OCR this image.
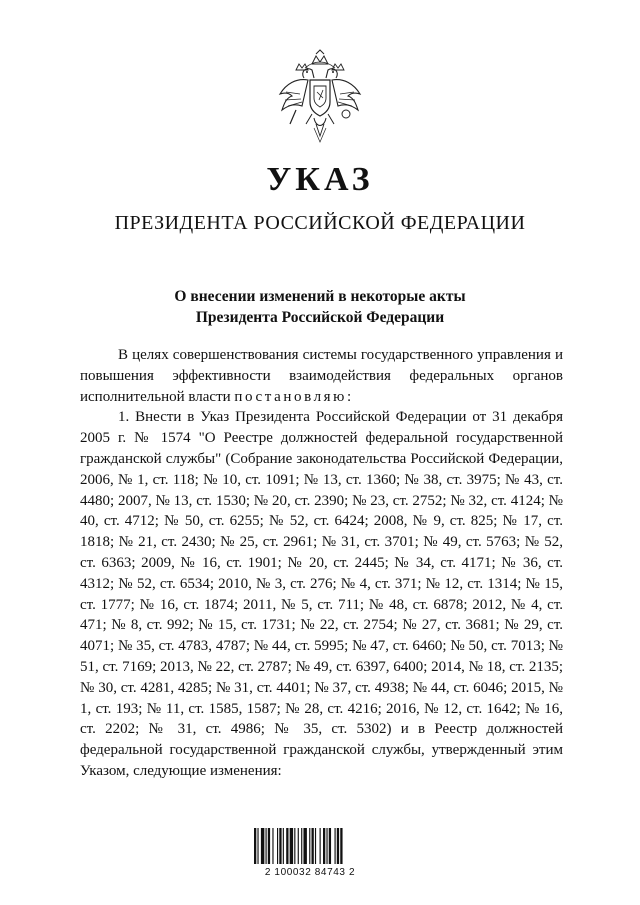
УКАЗ
ПРЕЗИДЕНТА РОССИЙСКОЙ ФЕДЕРАЦИИ
О внесении изменений в некоторые акты
Президента Российской Федерации

В целях совершенствования системы государственного управления и повышения эффективности взаимодействия федеральных органов исполнительной власти постановляю:

1. Внести в Указ Президента Российской Федерации от 31 декабря 2005 г. № 1574 "О Реестре должностей федеральной государственной гражданской службы" (Собрание законодательства Российской Федерации, 2006, № 1, ст. 118; № 10, ст. 1091; № 13, ст. 1360; № 38, ст. 3975; № 43, ст. 4480; 2007, № 13, ст. 1530; № 20, ст. 2390; № 23, ст. 2752; № 32, ст. 4124; № 40, ст. 4712; № 50, ст. 6255; № 52, ст. 6424; 2008, № 9, ст. 825; № 17, ст. 1818; № 21, ст. 2430; № 25, ст. 2961; № 31, ст. 3701; № 49, ст. 5763; № 52, ст. 6363; 2009, № 16, ст. 1901; № 20, ст. 2445; № 34, ст. 4171; № 36, ст. 4312; № 52, ст. 6534; 2010, № 3, ст. 276; № 4, ст. 371; № 12, ст. 1314; № 15, ст. 1777; № 16, ст. 1874; 2011, № 5, ст. 711; № 48, ст. 6878; 2012, № 4, ст. 471; № 8, ст. 992; № 15, ст. 1731; № 22, ст. 2754; № 27, ст. 3681; № 29, ст. 4071; № 35, ст. 4783, 4787; № 44, ст. 5995; № 47, ст. 6460; № 50, ст. 7013; № 51, ст. 7169; 2013, № 22, ст. 2787; № 49, ст. 6397, 6400; 2014, № 18, ст. 2135; № 30, ст. 4281, 4285; № 31, ст. 4401; № 37, ст. 4938; № 44, ст. 6046; 2015, № 1, ст. 193; № 11, ст. 1585, 1587; № 28, ст. 4216; 2016, № 12, ст. 1642; № 16, ст. 2202; № 31, ст. 4986; № 35, ст. 5302) и в Реестр должностей федеральной государственной гражданской службы, утвержденный этим Указом, следующие изменения:

2 100032 84743 2
